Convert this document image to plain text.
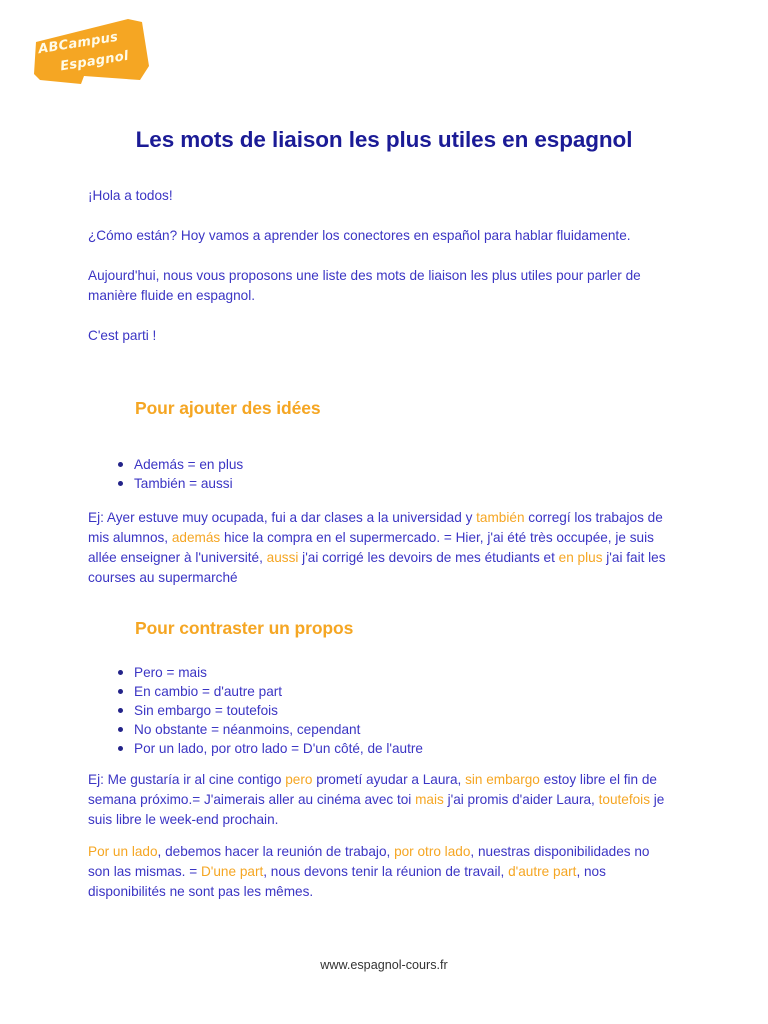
ABCampus
Espagnol
Les mots de liaison les plus utiles en espagnol

¡Hola a todos!

¿Cómo están? Hoy vamos a aprender los conectores en español para hablar fluidamente.

Aujourd'hui, nous vous proposons une liste des mots de liaison les plus utiles pour parler de manière fluide en espagnol.

C'est parti !

Pour ajouter des idées
Además = en plus
También = aussi

Ej: Ayer estuve muy ocupada, fui a dar clases a la universidad y también corregí los trabajos de mis alumnos, además hice la compra en el supermercado. = Hier, j'ai été très occupée, je suis allée enseigner à l'université, aussi j'ai corrigé les devoirs de mes étudiants et en plus j'ai fait les courses au supermarché

Pour contraster un propos
Pero = mais
En cambio = d'autre part
Sin embargo = toutefois
No obstante = néanmoins, cependant
Por un lado, por otro lado = D'un côté, de l'autre

Ej: Me gustaría ir al cine contigo pero prometí ayudar a Laura, sin embargo estoy libre el fin de semana próximo.= J'aimerais aller au cinéma avec toi mais j'ai promis d'aider Laura, toutefois je suis libre le week-end prochain.

Por un lado, debemos hacer la reunión de trabajo, por otro lado, nuestras disponibilidades no son las mismas. = D'une part, nous devons tenir la réunion de travail, d'autre part, nos disponibilités ne sont pas les mêmes.

www.espagnol-cours.fr
